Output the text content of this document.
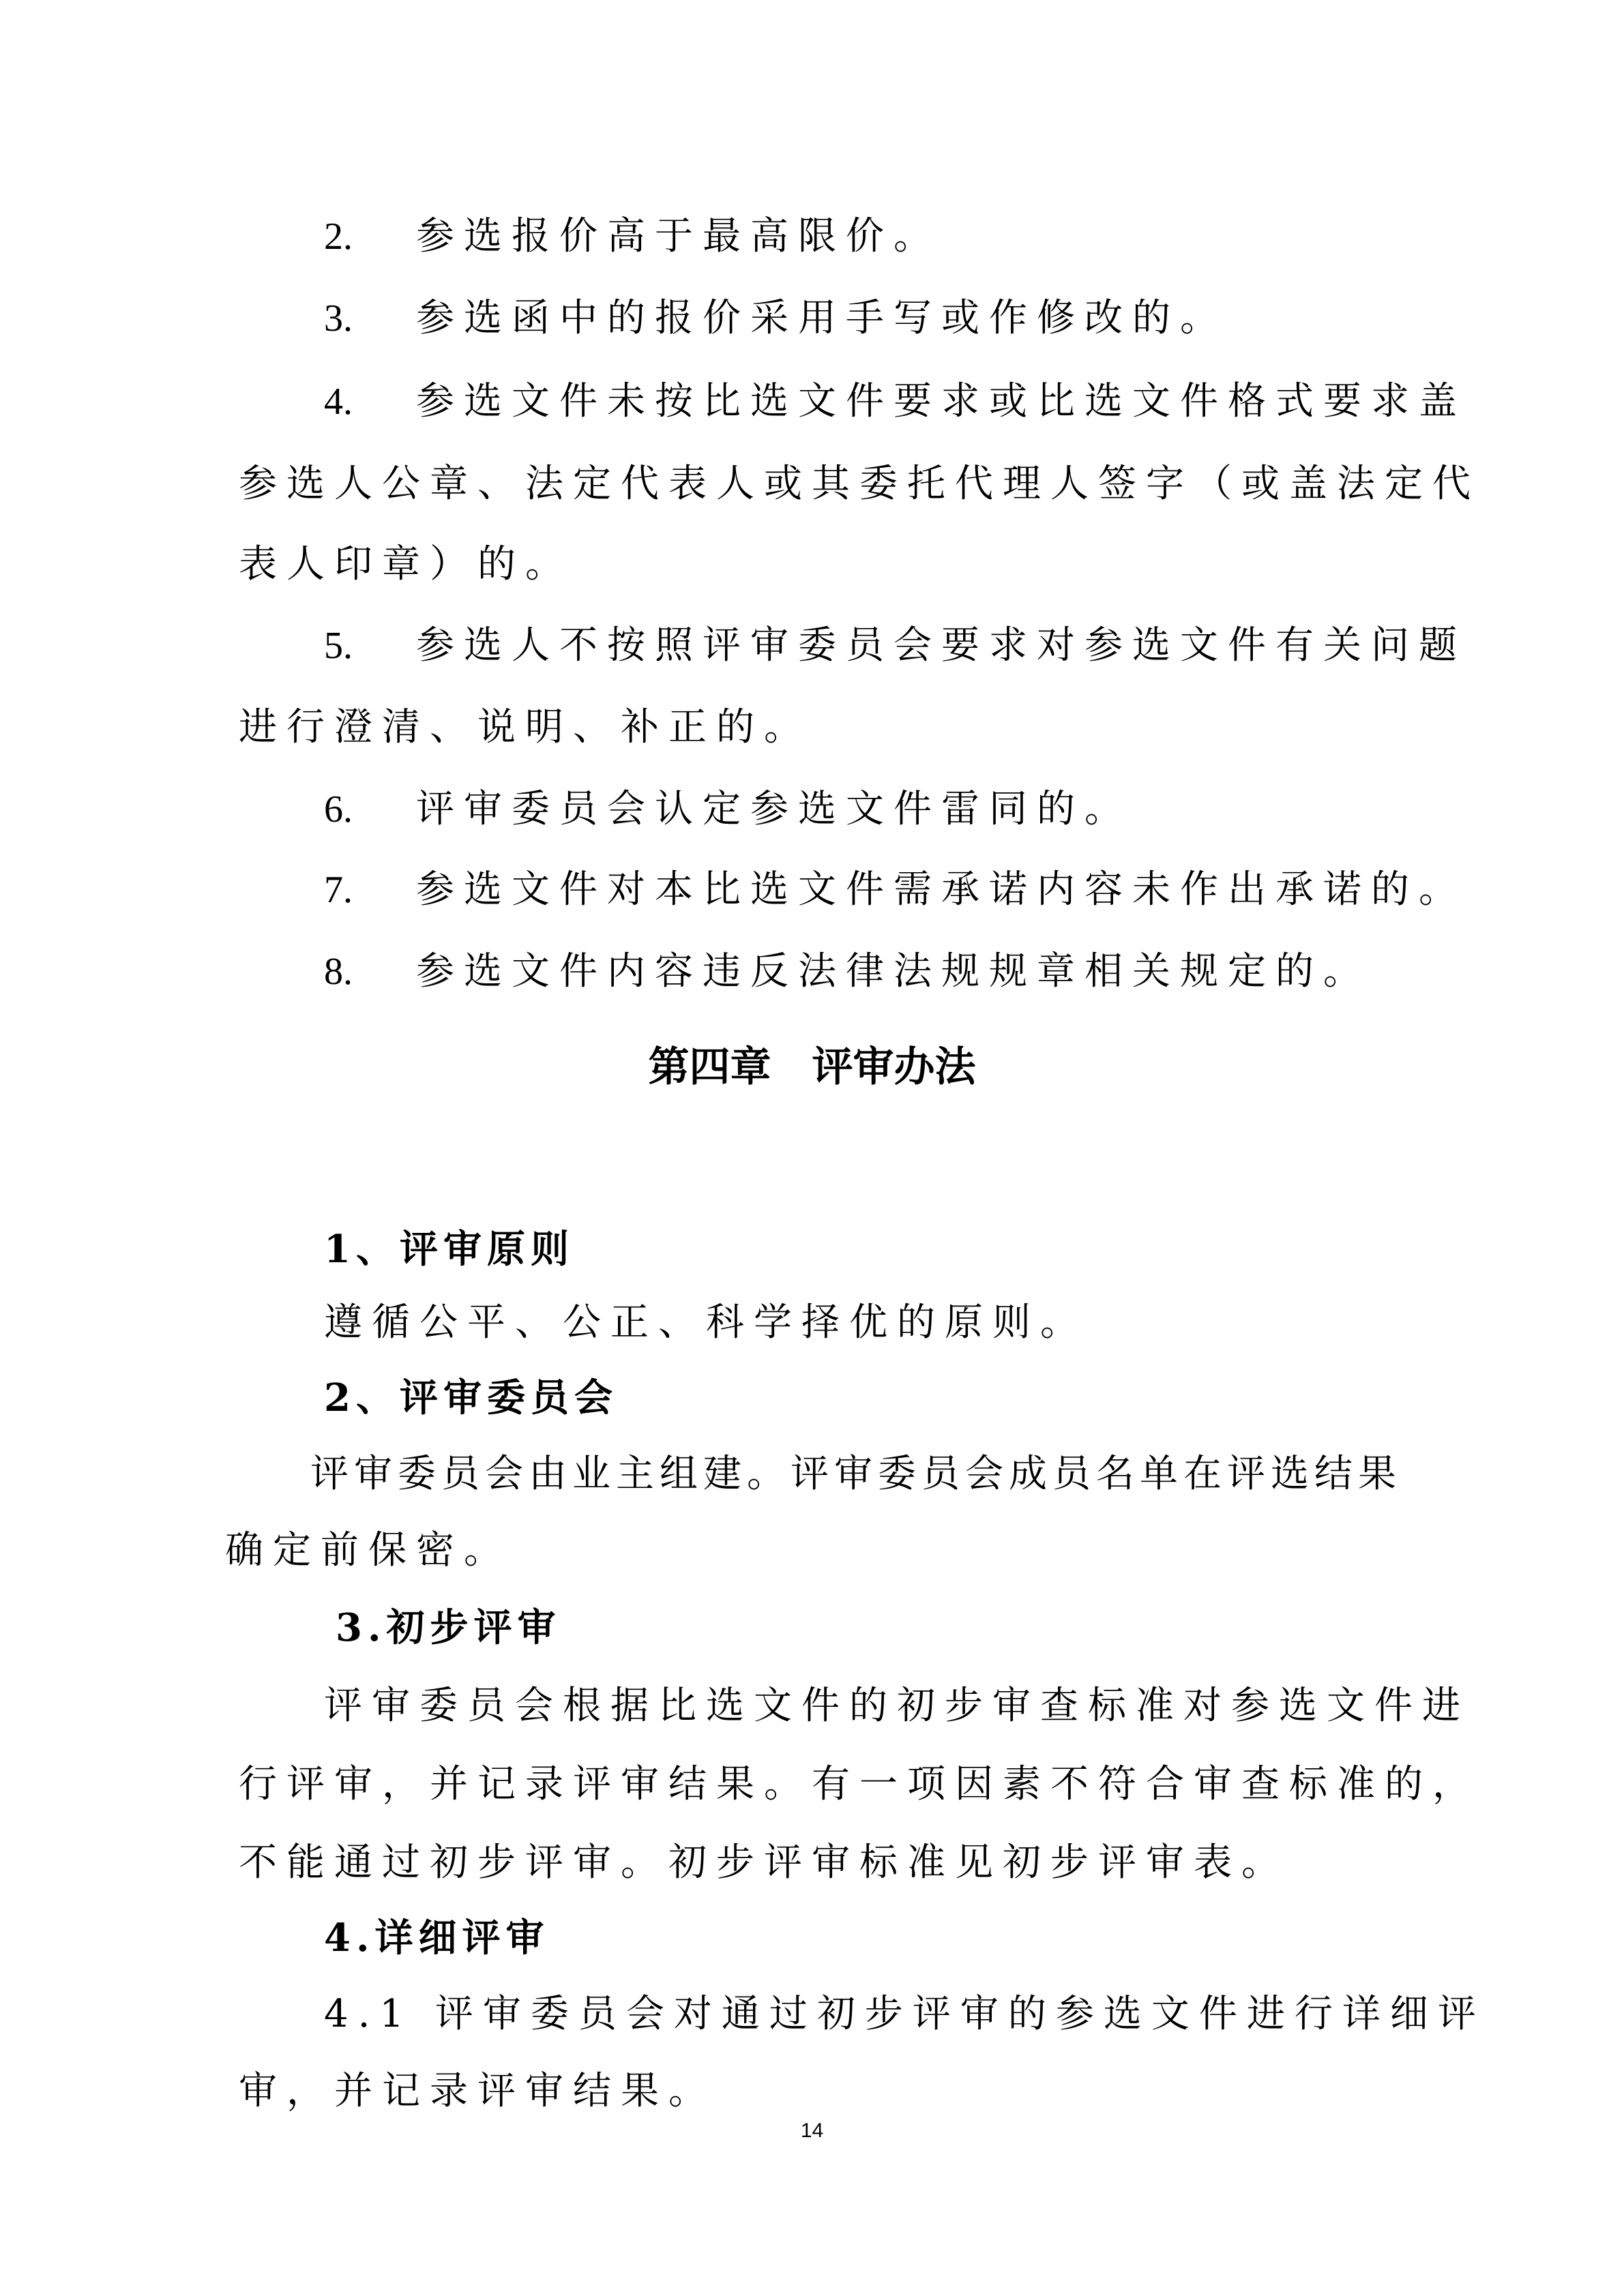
2. 参选报价高于最高限价。
3. 参选函中的报价采用手写或作修改的。
4. 参选文件未按比选文件要求或比选文件格式要求盖
参选人公章、法定代表人或其委托代理人签字（或盖法定代
表人印章）的。
5. 参选人不按照评审委员会要求对参选文件有关问题
进行澄清、说明、补正的。
6. 评审委员会认定参选文件雷同的。
7. 参选文件对本比选文件需承诺内容未作出承诺的。
8. 参选文件内容违反法律法规规章相关规定的。
第四章　评审办法
1、评审原则
遵循公平、公正、科学择优的原则。
2、评审委员会
评审委员会由业主组建。评审委员会成员名单在评选结果
确定前保密。
3.初步评审
评审委员会根据比选文件的初步审查标准对参选文件进
行评审，并记录评审结果。有一项因素不符合审查标准的，
不能通过初步评审。初步评审标准见初步评审表。
4.详细评审
4.1 评审委员会对通过初步评审的参选文件进行详细评
审，并记录评审结果。
14
